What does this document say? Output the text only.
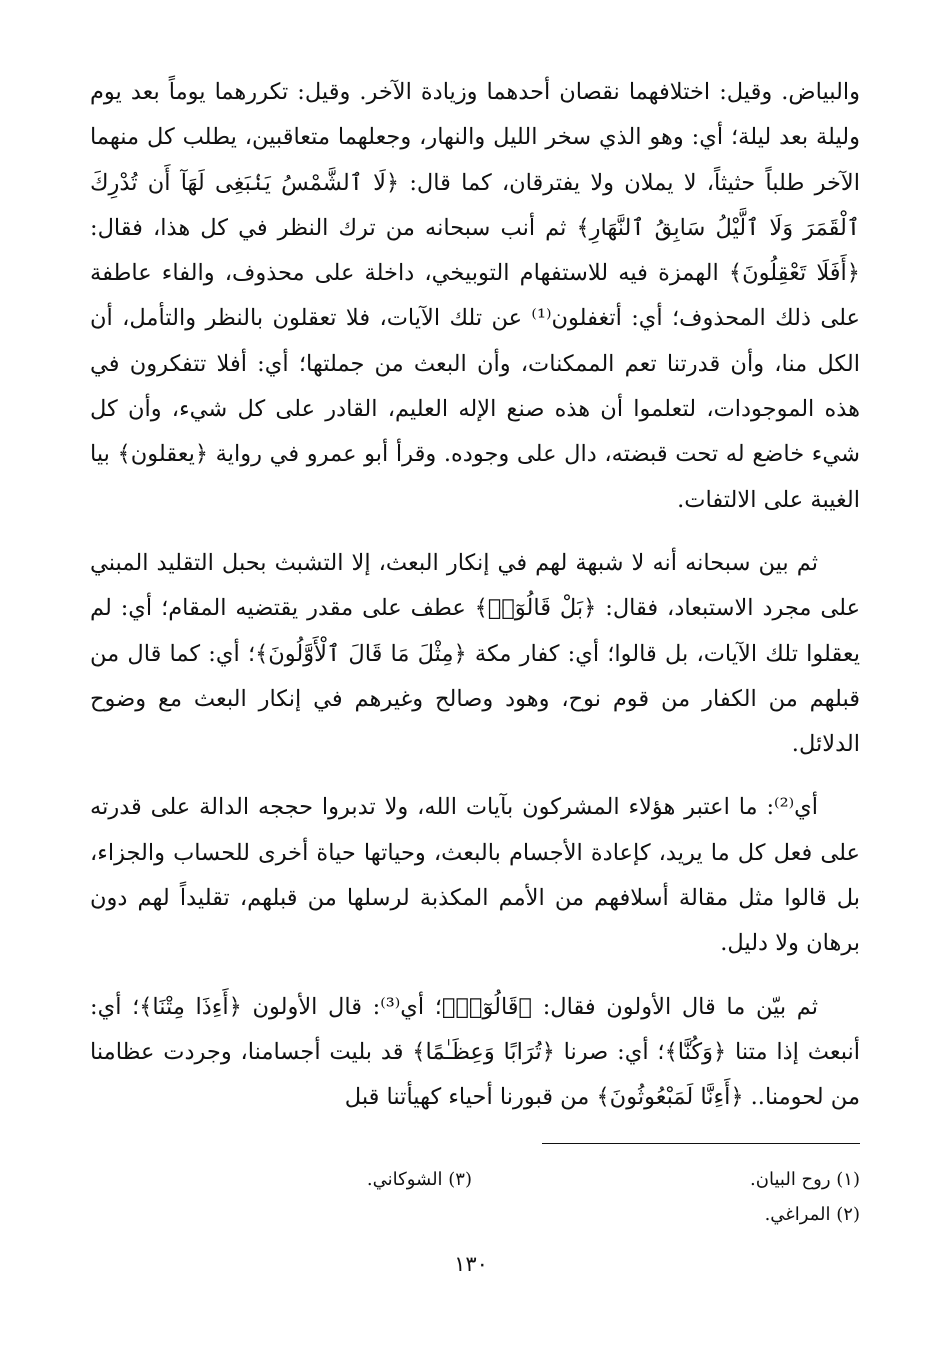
والبياض. وقيل: اختلافهما نقصان أحدهما وزيادة الآخر. وقيل: تكررهما يوماً بعد يوم وليلة بعد ليلة؛ أي: وهو الذي سخر الليل والنهار، وجعلهما متعاقبين، يطلب كل منهما الآخر طلباً حثيثاً، لا يملان ولا يفترقان، كما قال: ﴿لَا ٱلشَّمْسُ يَنۢبَغِى لَهَآ أَن تُدْرِكَ ٱلْقَمَرَ وَلَا ٱلَّيْلُ سَابِقُ ٱلنَّهَارِ﴾ ثم أنب سبحانه من ترك النظر في كل هذا، فقال: ﴿أَفَلَا تَعْقِلُونَ﴾ الهمزة فيه للاستفهام التوبيخي، داخلة على محذوف، والفاء عاطفة على ذلك المحذوف؛ أي: أتغفلون⁽¹⁾ عن تلك الآيات، فلا تعقلون بالنظر والتأمل، أن الكل منا، وأن قدرتنا تعم الممكنات، وأن البعث من جملتها؛ أي: أفلا تتفكرون في هذه الموجودات، لتعلموا أن هذه صنع الإله العليم، القادر على كل شيء، وأن كل شيء خاضع له تحت قبضته، دال على وجوده. وقرأ أبو عمرو في رواية ﴿يعقلون﴾ بيا الغيبة على الالتفات.

ثم بين سبحانه أنه لا شبهة لهم في إنكار البعث، إلا التشبث بحبل التقليد المبني على مجرد الاستبعاد، فقال: ﴿بَلْ قَالُوٓا۟﴾ عطف على مقدر يقتضيه المقام؛ أي: لم يعقلوا تلك الآيات، بل قالوا؛ أي: كفار مكة ﴿مِثْلَ مَا قَالَ ٱلْأَوَّلُونَ﴾؛ أي: كما قال من قبلهم من الكفار من قوم نوح، وهود وصالح وغيرهم في إنكار البعث مع وضوح الدلائل.

أي⁽²⁾: ما اعتبر هؤلاء المشركون بآيات الله، ولا تدبروا حججه الدالة على قدرته على فعل كل ما يريد، كإعادة الأجسام بالبعث، وحياتها حياة أخرى للحساب والجزاء، بل قالوا مثل مقالة أسلافهم من الأمم المكذبة لرسلها من قبلهم، تقليداً لهم دون برهان ولا دليل.

ثم بيّن ما قال الأولون فقال: ﴿قَالُوٓا۟﴾؛ أي⁽³⁾: قال الأولون ﴿أَءِذَا مِتْنَا﴾؛ أي: أنبعث إذا متنا ﴿وَكُنَّا﴾؛ أي: صرنا ﴿تُرَابًا وَعِظَـٰمًا﴾ قد بليت أجسامنا، وجردت عظامنا من لحومنا.. ﴿أَءِنَّا لَمَبْعُوثُونَ﴾ من قبورنا أحياء كهيأتنا قبل

(١) روح البيان.
(٢) المراغي.
(٣) الشوكاني.
١٣٠
